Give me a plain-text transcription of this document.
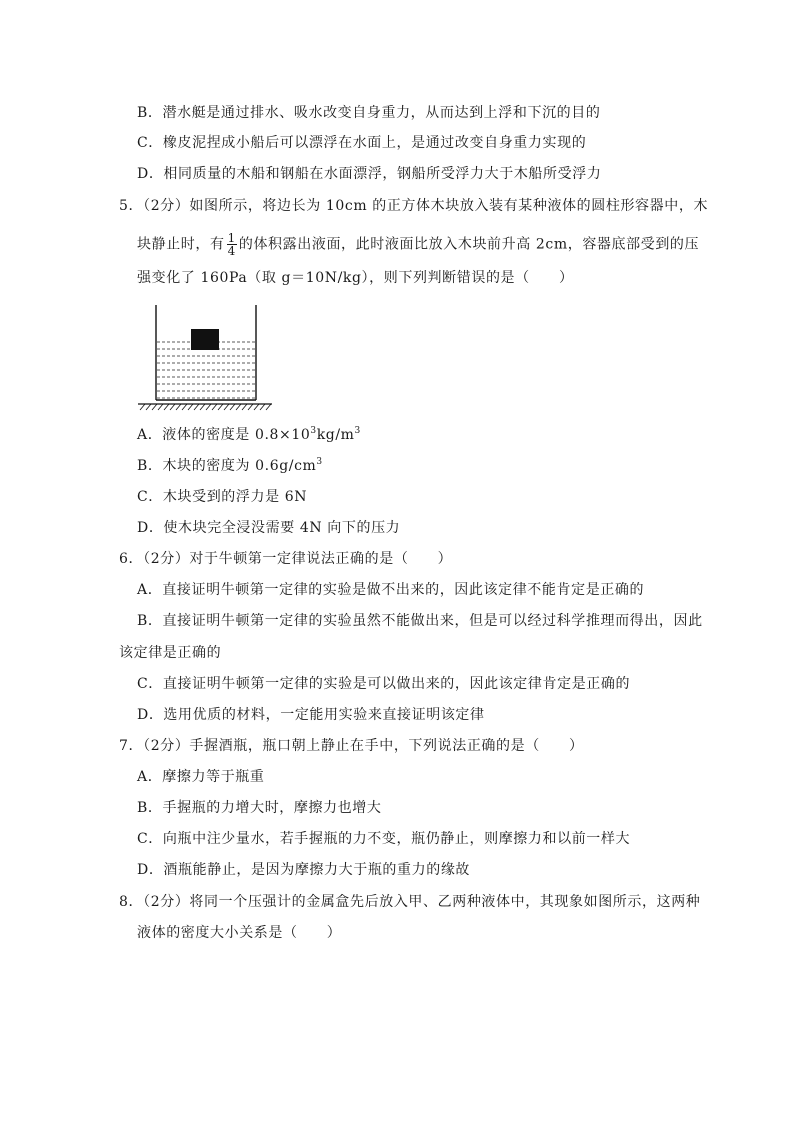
B．潜水艇是通过排水、吸水改变自身重力，从而达到上浮和下沉的目的
C．橡皮泥捏成小船后可以漂浮在水面上，是通过改变自身重力实现的
D．相同质量的木船和钢船在水面漂浮，钢船所受浮力大于木船所受浮力
5．（2分）如图所示，将边长为 10cm 的正方体木块放入装有某种液体的圆柱形容器中，木
块静止时，有 $\frac{1}{4}$ 的体积露出液面，此时液面比放入木块前升高 2cm，容器底部受到的压
强变化了 160Pa（取 g＝10N/kg），则下列判断错误的是（　　）
A．液体的密度是 $0.8\times 10^3kg/m^3$
B．木块的密度为 $0.6g/cm^3$
C．木块受到的浮力是 6N
D．使木块完全浸没需要 4N 向下的压力
6．（2分）对于牛顿第一定律说法正确的是（　　）
A．直接证明牛顿第一定律的实验是做不出来的，因此该定律不能肯定是正确的
B．直接证明牛顿第一定律的实验虽然不能做出来，但是可以经过科学推理而得出，因此
该定律是正确的
C．直接证明牛顿第一定律的实验是可以做出来的，因此该定律肯定是正确的
D．选用优质的材料，一定能用实验来直接证明该定律
7．（2分）手握酒瓶，瓶口朝上静止在手中，下列说法正确的是（　　）
A．摩擦力等于瓶重
B．手握瓶的力增大时，摩擦力也增大
C．向瓶中注少量水，若手握瓶的力不变，瓶仍静止，则摩擦力和以前一样大
D．酒瓶能静止，是因为摩擦力大于瓶的重力的缘故
8．（2分）将同一个压强计的金属盒先后放入甲、乙两种液体中，其现象如图所示，这两种
液体的密度大小关系是（　　）
